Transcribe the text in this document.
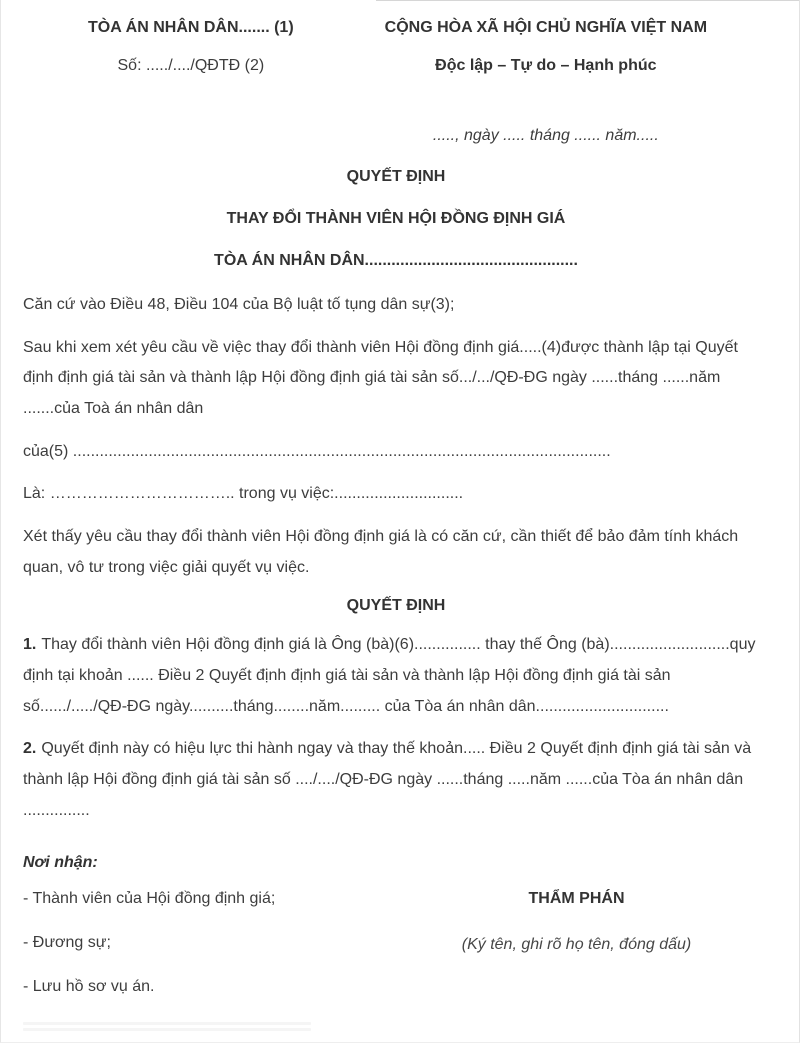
TÒA ÁN NHÂN DÂN....... (1)
Số: ...../..../QĐTĐ (2)
CỘNG HÒA XÃ HỘI CHỦ NGHĨA VIỆT NAM
Độc lập – Tự do – Hạnh phúc
....., ngày ..... tháng ...... năm.....
QUYẾT ĐỊNH
THAY ĐỔI THÀNH VIÊN HỘI ĐỒNG ĐỊNH GIÁ
TÒA ÁN NHÂN DÂN................................................

Căn cứ vào Điều 48, Điều 104 của Bộ luật tố tụng dân sự(3);

Sau khi xem xét yêu cầu về việc thay đổi thành viên Hội đồng định giá.....(4)được thành lập tại Quyết định định giá tài sản và thành lập Hội đồng định giá tài sản số.../.../QĐ-ĐG ngày ......tháng ......năm .......của Toà án nhân dân

của(5) .........................................................................................................................

Là: …………………………….. trong vụ việc:.............................

Xét thấy yêu cầu thay đổi thành viên Hội đồng định giá là có căn cứ, cần thiết để bảo đảm tính khách quan, vô tư trong việc giải quyết vụ việc.

QUYẾT ĐỊNH

1. Thay đổi thành viên Hội đồng định giá là Ông (bà)(6)............... thay thế Ông (bà)...........................quy định tại khoản ...... Điều 2 Quyết định định giá tài sản và thành lập Hội đồng định giá tài sản số....../...../QĐ-ĐG ngày..........tháng........năm......... của Tòa án nhân dân..............................

2. Quyết định này có hiệu lực thi hành ngay và thay thế khoản..... Điều 2 Quyết định định giá tài sản và thành lập Hội đồng định giá tài sản số ..../..../QĐ-ĐG ngày ......tháng .....năm ......của Tòa án nhân dân ...............

Nơi nhận:
- Thành viên của Hội đồng định giá;
- Đương sự;
- Lưu hồ sơ vụ án.
THẨM PHÁN
(Ký tên, ghi rõ họ tên, đóng dấu)
